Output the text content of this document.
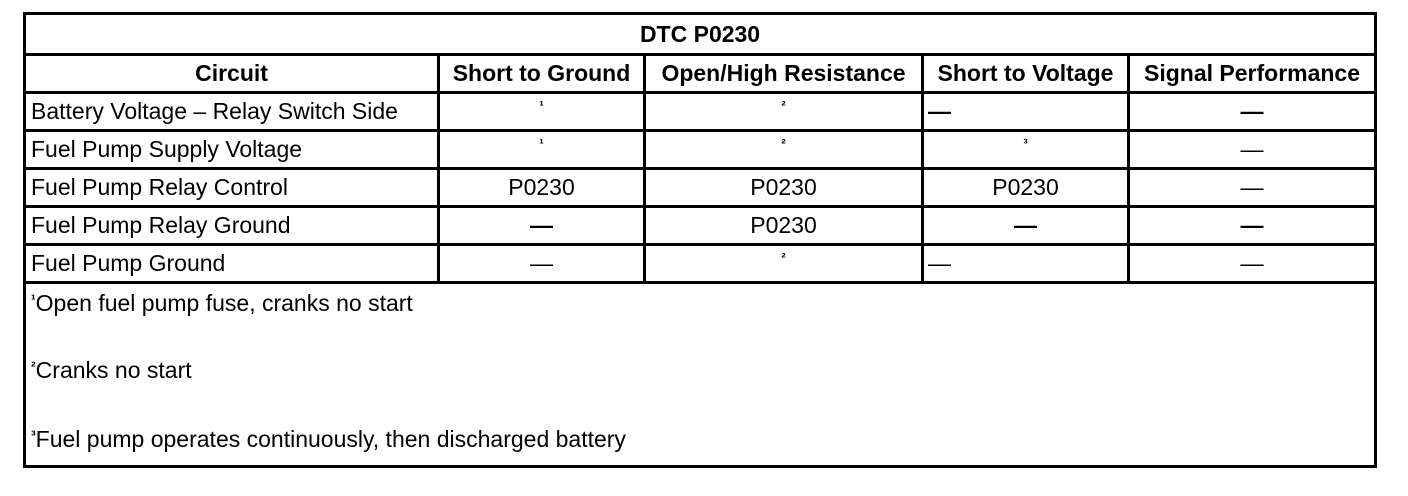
DTC P0230				
Circuit	Short to Ground	Open/High Resistance	Short to Voltage	Signal Performance
Battery Voltage – Relay Switch Side	$^{^1}$	$^{^2}$	—	—
Fuel Pump Supply Voltage	$^{^1}$	$^{^2}$	$^{^3}$	—
Fuel Pump Relay Control	P0230	P0230	P0230	—
Fuel Pump Relay Ground	—	P0230	—	—
Fuel Pump Ground	—	$^{^2}$	—	—

$^{^1}$Open fuel pump fuse, cranks no start
$^{^2}$Cranks no start
$^{^3}$Fuel pump operates continuously, then discharged battery				
